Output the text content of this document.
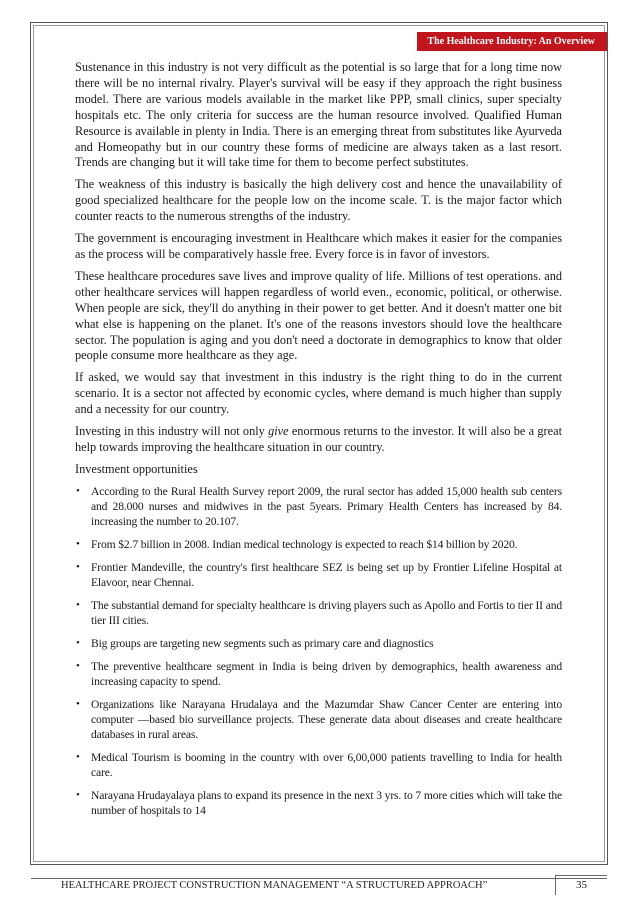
The Healthcare Industry: An Overview

Sustenance in this industry is not very difficult as the potential is so large that for a long time now there will be no internal rivalry. Player's survival will be easy if they approach the right business model. There are various models available in the market like PPP, small clinics, super specialty hospitals etc. The only criteria for success are the human resource involved. Qualified Human Resource is available in plenty in India. There is an emerging threat from substitutes like Ayurveda and Homeopathy but in our country these forms of medicine are always taken as a last resort. Trends are changing but it will take time for them to become perfect substitutes.

The weakness of this industry is basically the high delivery cost and hence the unavailability of good specialized healthcare for the people low on the income scale. T. is the major factor which counter reacts to the numerous strengths of the industry.

The government is encouraging investment in Healthcare which makes it easier for the companies as the process will be comparatively hassle free. Every force is in favor of investors.

These healthcare procedures save lives and improve quality of life. Millions of test operations. and other healthcare services will happen regardless of world even., economic, political, or otherwise. When people are sick, they'll do anything in their power to get better. And it doesn't matter one bit what else is happening on the planet. It's one of the reasons investors should love the healthcare sector. The population is aging and you don't need a doctorate in demographics to know that older people consume more healthcare as they age.

If asked, we would say that investment in this industry is the right thing to do in the current scenario. It is a sector not affected by economic cycles, where demand is much higher than supply and a necessity for our country.

Investing in this industry will not only give enormous returns to the investor. It will also be a great help towards improving the healthcare situation in our country.

Investment opportunities

• According to the Rural Health Survey report 2009, the rural sector has added 15,000 health sub centers and 28.000 nurses and midwives in the past 5years. Primary Health Centers has increased by 84. increasing the number to 20.107.
• From $2.7 billion in 2008. Indian medical technology is expected to reach $14 billion by 2020.
• Frontier Mandeville, the country's first healthcare SEZ is being set up by Frontier Lifeline Hospital at Elavoor, near Chennai.
• The substantial demand for specialty healthcare is driving players such as Apollo and Fortis to tier II and tier III cities.
• Big groups are targeting new segments such as primary care and diagnostics
• The preventive healthcare segment in India is being driven by demographics, health awareness and increasing capacity to spend.
• Organizations like Narayana Hrudalaya and the Mazumdar Shaw Cancer Center are entering into computer —based bio surveillance projects. These generate data about diseases and create healthcare databases in rural areas.
• Medical Tourism is booming in the country with over 6,00,000 patients travelling to India for health care.
• Narayana Hrudayalaya plans to expand its presence in the next 3 yrs. to 7 more cities which will take the number of hospitals to 14
HEALTHCARE PROJECT CONSTRUCTION MANAGEMENT “A STRUCTURED APPROACH”	35
